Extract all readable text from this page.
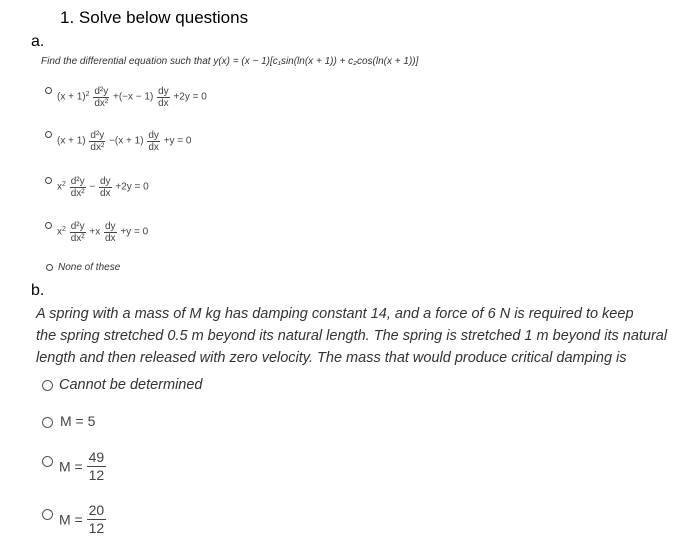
1. Solve below questions
a.
Find the differential equation such that y(x) = (x − 1)[c₁sin(ln(x + 1)) + c₂cos(ln(x + 1))]
$(x + 1)^2 \frac{\text{d²y}}{\text{dx²}} +(-x - 1) \frac{dy}{dx} +2y = 0$
$(x + 1) \frac{\text{d²y}}{\text{dx²}} -(x + 1) \frac{dy}{dx} +y = 0$
$x^2 \frac{\text{d²y}}{\text{dx²}} - \frac{dy}{dx} +2y = 0$
$x^2 \frac{\text{d²y}}{\text{dx²}} +x \frac{dy}{dx} +y = 0$
None of these
b.
A spring with a mass of M kg has damping constant 14, and a force of 6 N is required to keep
the spring stretched 0.5 m beyond its natural length. The spring is stretched 1 m beyond its natural
length and then released with zero velocity. The mass that would produce critical damping is
Cannot be determined
M = 5
$M = \frac{49}{12}$
$M = \frac{20}{12}$
